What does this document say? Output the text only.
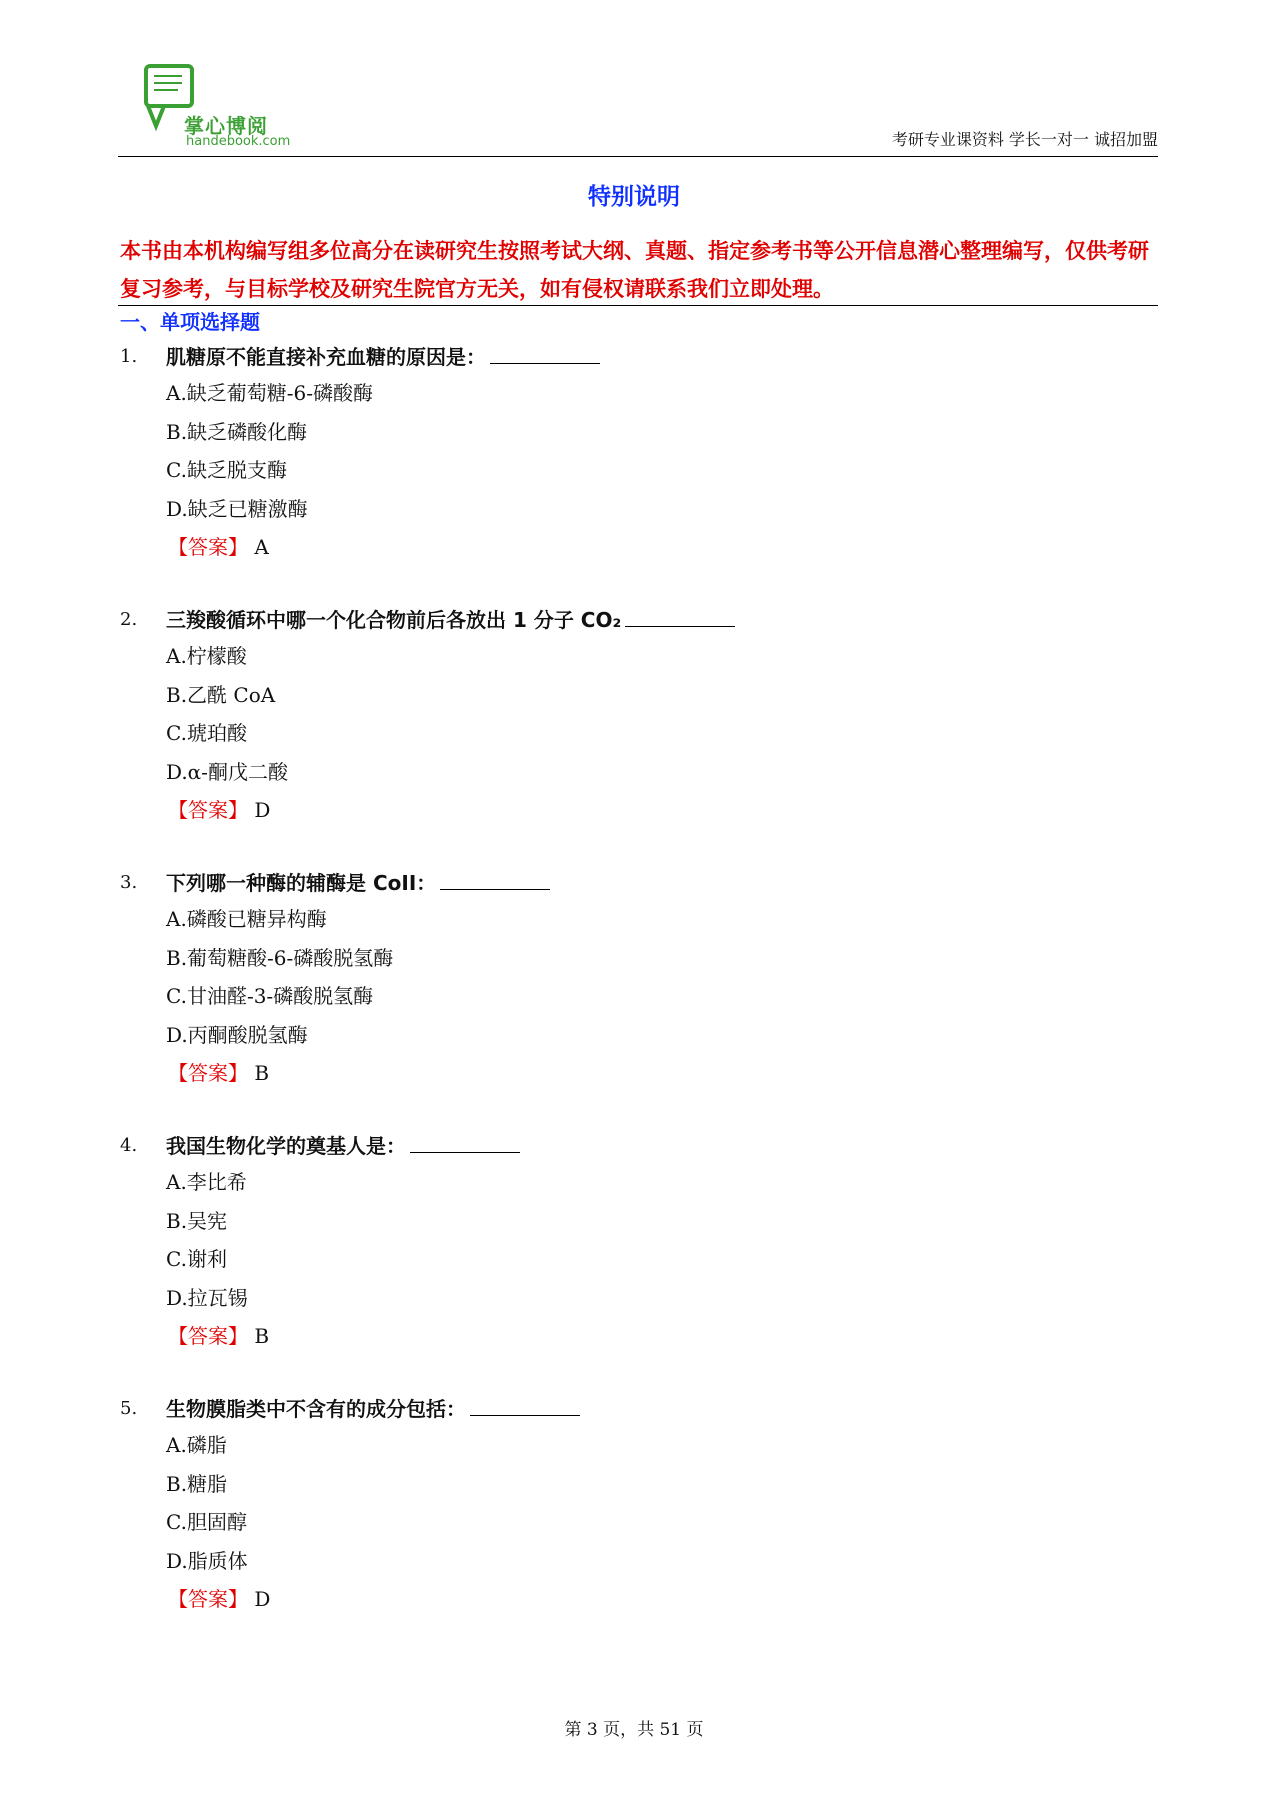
掌心博阅
handebook.com	考研专业课资料 学长一对一 诚招加盟
特别说明
本书由本机构编写组多位高分在读研究生按照考试大纲、真题、指定参考书等公开信息潜心整理编写，仅供考研复习参考，与目标学校及研究生院官方无关，如有侵权请联系我们立即处理。
一、单项选择题
1. 肌糖原不能直接补充血糖的原因是：
A.缺乏葡萄糖-6-磷酸酶
B.缺乏磷酸化酶
C.缺乏脱支酶
D.缺乏已糖激酶
【答案】 A
2. 三羧酸循环中哪一个化合物前后各放出 1 分子 CO₂
A.柠檬酸
B.乙酰 CoA
C.琥珀酸
D.α-酮戊二酸
【答案】 D
3. 下列哪一种酶的辅酶是 CoII：
A.磷酸已糖异构酶
B.葡萄糖酸-6-磷酸脱氢酶
C.甘油醛-3-磷酸脱氢酶
D.丙酮酸脱氢酶
【答案】 B
4. 我国生物化学的奠基人是：
A.李比希
B.吴宪
C.谢利
D.拉瓦锡
【答案】 B
5. 生物膜脂类中不含有的成分包括：
A.磷脂
B.糖脂
C.胆固醇
D.脂质体
【答案】 D
第 3 页，共 51 页
